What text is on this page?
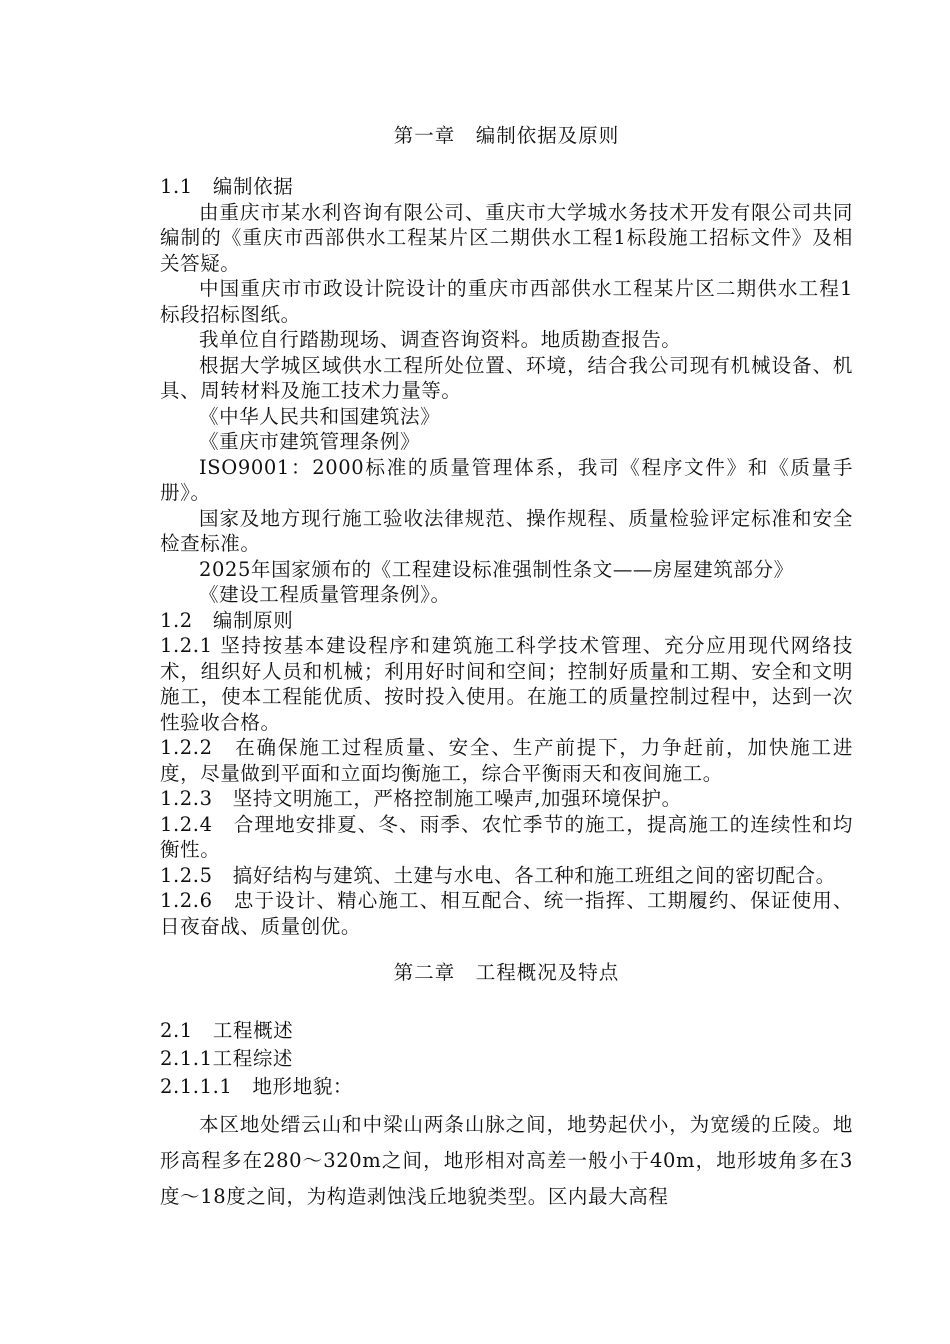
第一章　编制依据及原则
1.1　编制依据
由重庆市某水利咨询有限公司、重庆市大学城水务技术开发有限公司共同编制的《重庆市西部供水工程某片区二期供水工程1标段施工招标文件》及相关答疑。
中国重庆市市政设计院设计的重庆市西部供水工程某片区二期供水工程1标段招标图纸。
我单位自行踏勘现场、调查咨询资料。地质勘查报告。
根据大学城区域供水工程所处位置、环境，结合我公司现有机械设备、机具、周转材料及施工技术力量等。
《中华人民共和国建筑法》
《重庆市建筑管理条例》
ISO9001：2000标准的质量管理体系，我司《程序文件》和《质量手册》。
国家及地方现行施工验收法律规范、操作规程、质量检验评定标准和安全检查标准。
2025年国家颁布的《工程建设标准强制性条文——房屋建筑部分》
《建设工程质量管理条例》。
1.2　编制原则
1.2.1 坚持按基本建设程序和建筑施工科学技术管理、充分应用现代网络技术，组织好人员和机械；利用好时间和空间；控制好质量和工期、安全和文明施工，使本工程能优质、按时投入使用。在施工的质量控制过程中，达到一次性验收合格。
1.2.2　在确保施工过程质量、安全、生产前提下，力争赶前，加快施工进度，尽量做到平面和立面均衡施工，综合平衡雨天和夜间施工。
1.2.3　坚持文明施工，严格控制施工噪声,加强环境保护。
1.2.4　合理地安排夏、冬、雨季、农忙季节的施工，提高施工的连续性和均衡性。
1.2.5　搞好结构与建筑、土建与水电、各工种和施工班组之间的密切配合。
1.2.6　忠于设计、精心施工、相互配合、统一指挥、工期履约、保证使用、日夜奋战、质量创优。
第二章　工程概况及特点
2.1　工程概述
2.1.1工程综述
2.1.1.1　地形地貌：
本区地处缙云山和中梁山两条山脉之间，地势起伏小，为宽缓的丘陵。地形高程多在280～320m之间，地形相对高差一般小于40m，地形坡角多在3度～18度之间，为构造剥蚀浅丘地貌类型。区内最大高程
